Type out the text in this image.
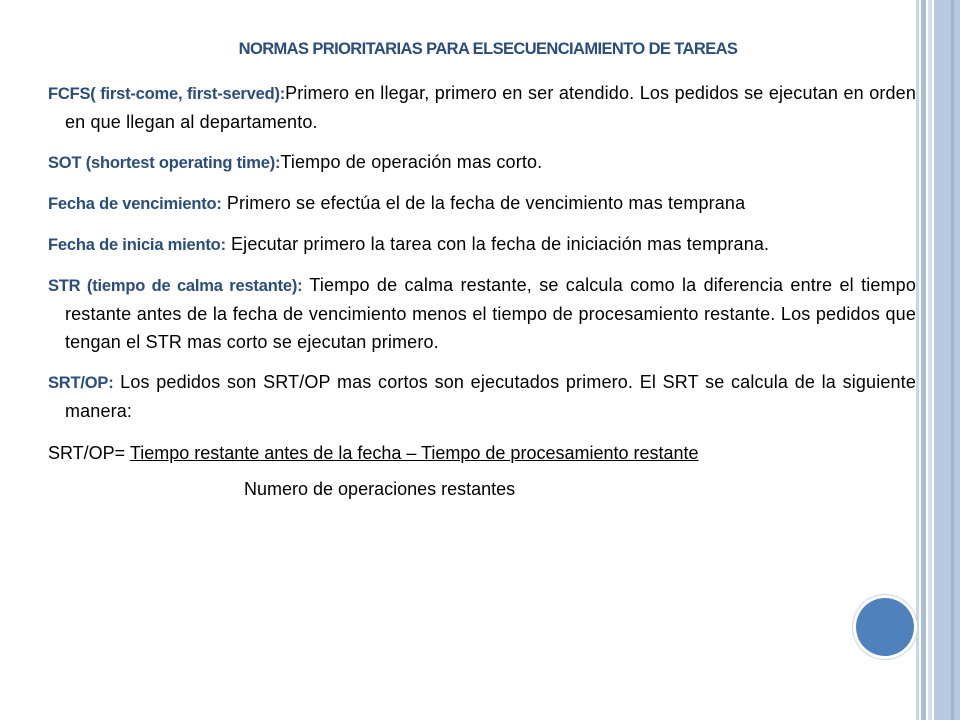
NORMAS PRIORITARIAS PARA ELSECUENCIAMIENTO DE TAREAS
FCFS( first-come, first-served):Primero en llegar, primero en ser atendido. Los pedidos se ejecutan en orden en que llegan al departamento.
SOT (shortest operating time):Tiempo de operación mas corto.
Fecha de vencimiento: Primero se efectúa el de la fecha de vencimiento mas temprana
Fecha de inicia miento: Ejecutar primero la tarea con la fecha de iniciación mas temprana.
STR (tiempo de calma restante): Tiempo de calma restante, se calcula como la diferencia entre el tiempo restante antes de la fecha de vencimiento menos el tiempo de procesamiento restante. Los pedidos que tengan el STR mas corto se ejecutan primero.
SRT/OP: Los pedidos son SRT/OP mas cortos son ejecutados primero. El SRT se calcula de la siguiente manera:
SRT/OP= Tiempo restante antes de la fecha – Tiempo de procesamiento restante
Numero de operaciones restantes
